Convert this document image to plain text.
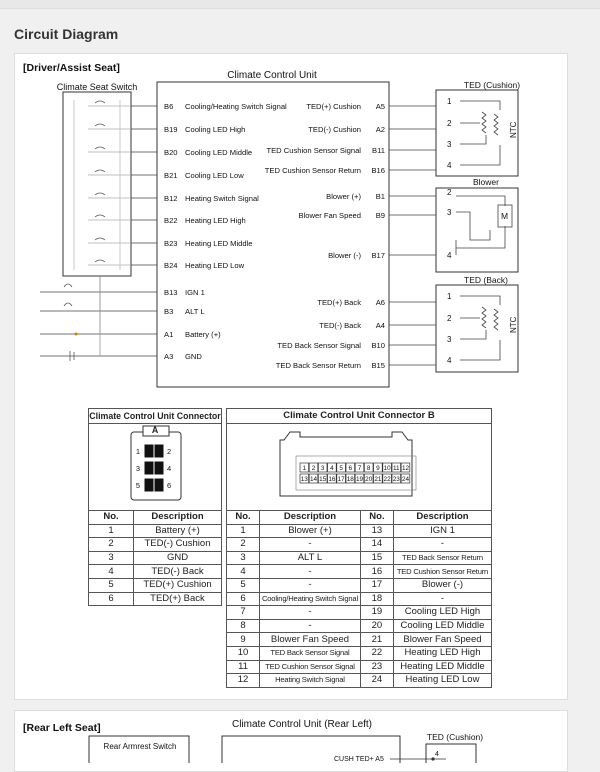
Circuit Diagram
[Driver/Assist Seat]
Climate Seat Switch
Climate Control Unit
B6 Cooling/Heating Switch Signal
B19 Cooling LED High
B20 Cooling LED Middle
B21 Cooling LED Low
B12 Heating Switch Signal
B22 Heating LED High
B23 Heating LED Middle
B24 Heating LED Low
B13 IGN 1
B3 ALT L
A1 Battery (+)
A3 GND
TED(+) Cushion A5
TED(-) Cushion A2
TED Cushion Sensor Signal B11
TED Cushion Sensor Return B16
Blower (+) B1
Blower Fan Speed B9
Blower (-) B17
TED(+) Back A6
TED(-) Back A4
TED Back Sensor Signal B10
TED Back Sensor Return B15
TED (Cushion)
Blower
TED (Back)
1
2
3
4
NTC
1
2
3
4
NTC
2
3
4
M
1 2 3 4 5 6 7 8 9 10 11 12
13 14 15 16 17 18 19 20 21 22 23 24
1	2
3	4
5	6
[Rear Left Seat]	Climate Control Unit (Rear Left)
Rear Armrest Switch
CUSH TED+ A5
TED (Cushion)
4
Climate Control Unit Connector A
No.	Description
1	Battery (+)
2	TED(-) Cushion
3	GND
4	TED(-) Back
5	TED(+) Cushion
6	TED(+) Back
Climate Control Unit Connector B
No.	Description	No.	Description
1	Blower (+)	13	IGN 1
2	-	14	-
3	ALT L	15	TED Back Sensor Return
4	-	16	TED Cushion Sensor Return
5	-	17	Blower (-)
6	Cooling/Heating Switch Signal	18	-
7	-	19	Cooling LED High
8	-	20	Cooling LED Middle
9	Blower Fan Speed	21	Blower Fan Speed
10	TED Back Sensor Signal	22	Heating LED High
11	TED Cushion Sensor Signal	23	Heating LED Middle
12	Heating Switch Signal	24	Heating LED Low
